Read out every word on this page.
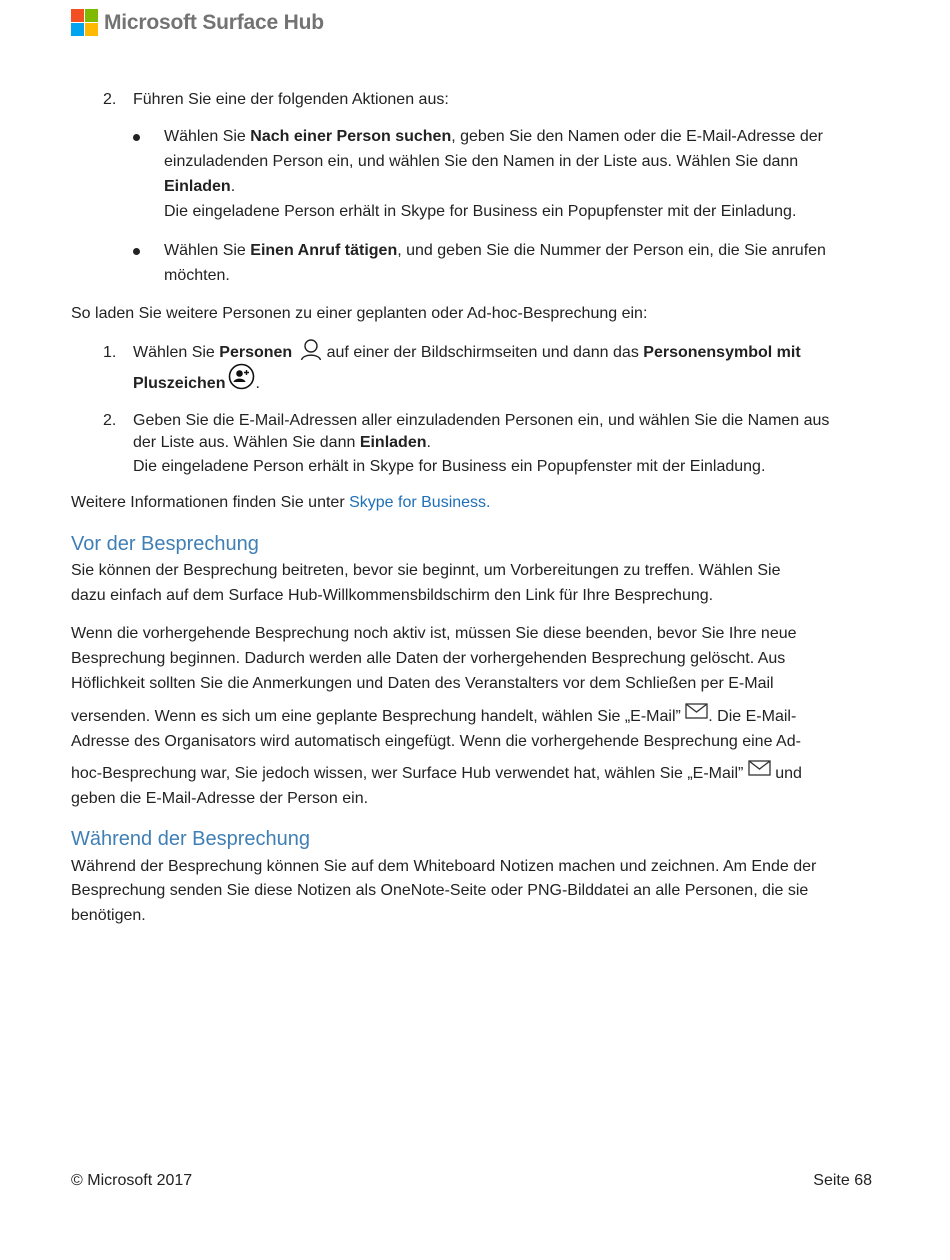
Microsoft Surface Hub
2. Führen Sie eine der folgenden Aktionen aus:
Wählen Sie Nach einer Person suchen, geben Sie den Namen oder die E-Mail-Adresse der
einzuladenden Person ein, und wählen Sie den Namen in der Liste aus. Wählen Sie dann
Einladen.
Die eingeladene Person erhält in Skype for Business ein Popupfenster mit der Einladung.
Wählen Sie Einen Anruf tätigen, und geben Sie die Nummer der Person ein, die Sie anrufen
möchten.
So laden Sie weitere Personen zu einer geplanten oder Ad-hoc-Besprechung ein:
1. Wählen Sie Personen auf einer der Bildschirmseiten und dann das Personensymbol mit
Pluszeichen .
2. Geben Sie die E-Mail-Adressen aller einzuladenden Personen ein, und wählen Sie die Namen aus
der Liste aus. Wählen Sie dann Einladen.
Die eingeladene Person erhält in Skype for Business ein Popupfenster mit der Einladung.
Weitere Informationen finden Sie unter Skype for Business.
Vor der Besprechung
Sie können der Besprechung beitreten, bevor sie beginnt, um Vorbereitungen zu treffen. Wählen Sie
dazu einfach auf dem Surface Hub-Willkommensbildschirm den Link für Ihre Besprechung.
Wenn die vorhergehende Besprechung noch aktiv ist, müssen Sie diese beenden, bevor Sie Ihre neue
Besprechung beginnen. Dadurch werden alle Daten der vorhergehenden Besprechung gelöscht. Aus
Höflichkeit sollten Sie die Anmerkungen und Daten des Veranstalters vor dem Schließen per E-Mail
versenden. Wenn es sich um eine geplante Besprechung handelt, wählen Sie „E-Mail” . Die E-Mail-
Adresse des Organisators wird automatisch eingefügt. Wenn die vorhergehende Besprechung eine Ad-
hoc-Besprechung war, Sie jedoch wissen, wer Surface Hub verwendet hat, wählen Sie „E-Mail”  und
geben die E-Mail-Adresse der Person ein.
Während der Besprechung
Während der Besprechung können Sie auf dem Whiteboard Notizen machen und zeichnen. Am Ende der
Besprechung senden Sie diese Notizen als OneNote-Seite oder PNG-Bilddatei an alle Personen, die sie
benötigen.
© Microsoft 2017	Seite 68
